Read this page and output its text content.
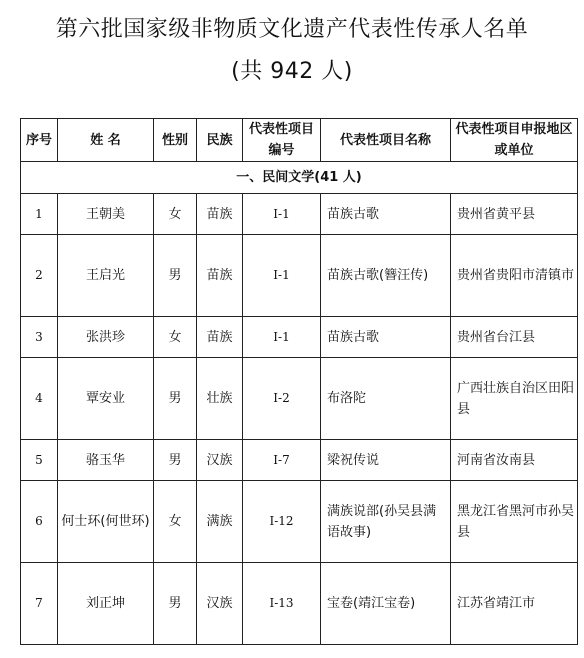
第六批国家级非物质文化遗产代表性传承人名单
(共 942 人)
序号	姓 名	性别	民族	代表性项目编号	代表性项目名称	代表性项目申报地区或单位
一、民间文学(41 人)						
1	王朝美	女	苗族	Ⅰ-1	苗族古歌	贵州省黄平县
2	王启光	男	苗族	Ⅰ-1	苗族古歌(簪汪传)	贵州省贵阳市清镇市
3	张洪珍	女	苗族	Ⅰ-1	苗族古歌	贵州省台江县
4	覃安业	男	壮族	Ⅰ-2	布洛陀	广西壮族自治区田阳县
5	骆玉华	男	汉族	Ⅰ-7	梁祝传说	河南省汝南县
6	何士环(何世环)	女	满族	Ⅰ-12	满族说部(孙吴县满语故事)	黑龙江省黑河市孙吴县
7	刘正坤	男	汉族	Ⅰ-13	宝卷(靖江宝卷)	江苏省靖江市
